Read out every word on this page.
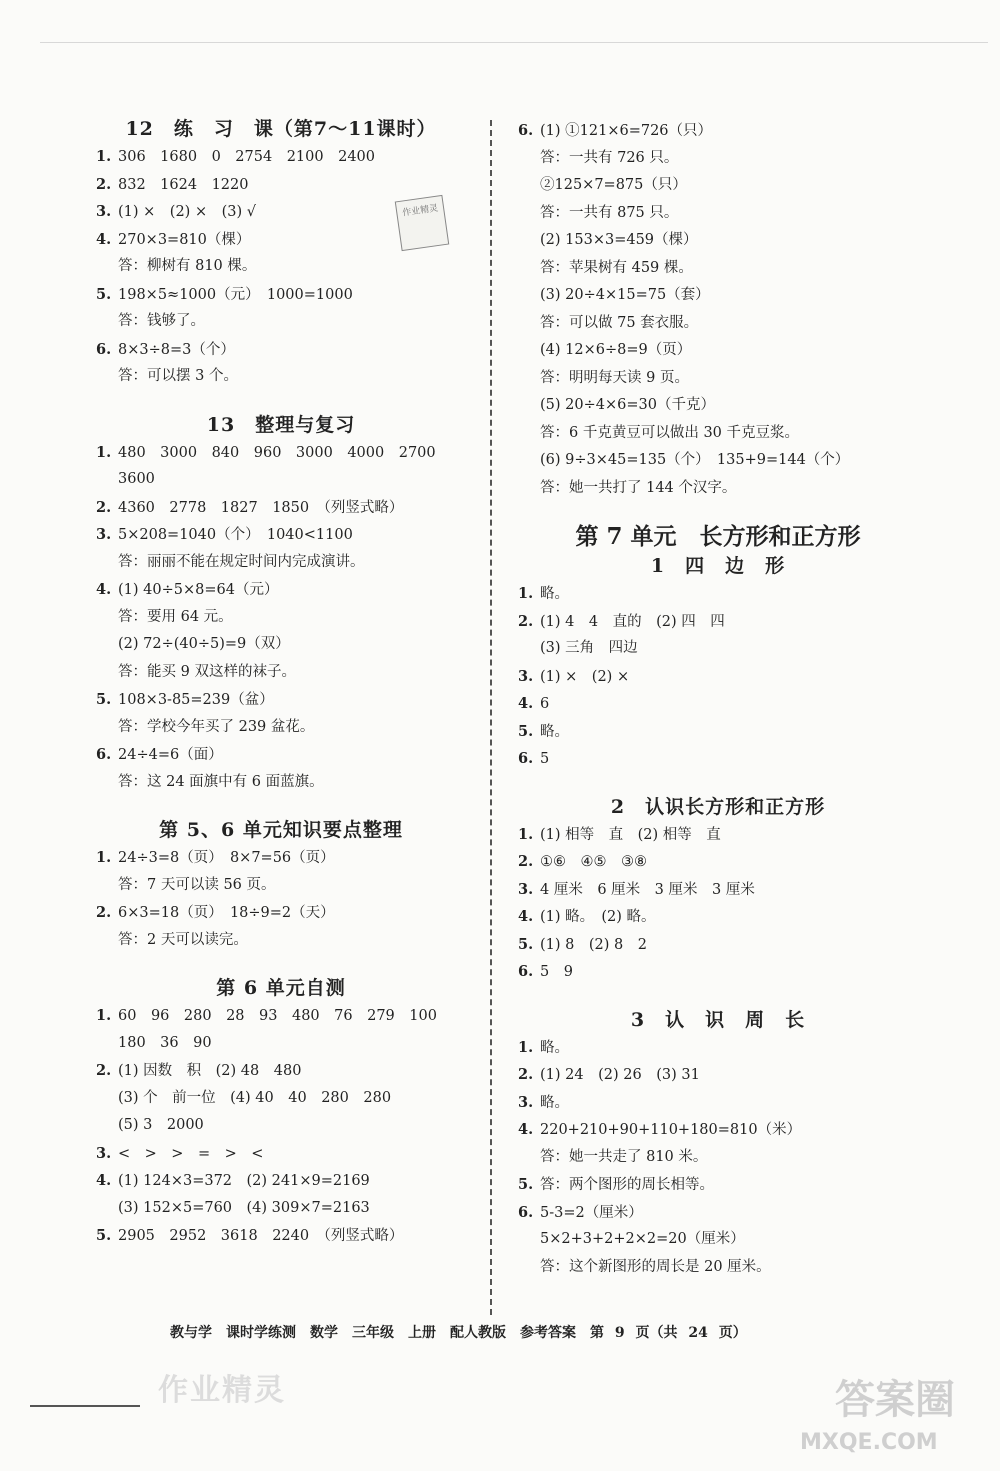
12　练　习　课（第7～11课时）
1. 306　1680　0　2754　2100　2400
2. 832　1624　1220
3. (1) ×　(2) ×　(3) √
4. 270×3=810（棵）
答：柳树有 810 棵。
5. 198×5≈1000（元）　1000=1000
答：钱够了。
6. 8×3÷8=3（个）
答：可以摆 3 个。
13　整理与复习
1. 480　3000　840　960　3000　4000　2700
3600
2. 4360　2778　1827　1850　（列竖式略）
3. 5×208=1040（个）　1040<1100
答：丽丽不能在规定时间内完成演讲。
4. (1) 40÷5×8=64（元）
答：要用 64 元。
(2) 72÷(40÷5)=9（双）
答：能买 9 双这样的袜子。
5. 108×3-85=239（盆）
答：学校今年买了 239 盆花。
6. 24÷4=6（面）
答：这 24 面旗中有 6 面蓝旗。
第 5、6 单元知识要点整理
1. 24÷3=8（页）　8×7=56（页）
答：7 天可以读 56 页。
2. 6×3=18（页）　18÷9=2（天）
答：2 天可以读完。
第 6 单元自测
1. 60　96　280　28　93　480　76　279　100
180　36　90
2. (1) 因数　积　(2) 48　480
(3) 个　前一位　(4) 40　40　280　280
(5) 3　2000
3. <　>　>　=　>　<
4. (1) 124×3=372　(2) 241×9=2169
(3) 152×5=760　(4) 309×7=2163
5. 2905　2952　3618　2240　（列竖式略）
6. (1) ①121×6=726（只）
答：一共有 726 只。
②125×7=875（只）
答：一共有 875 只。
(2) 153×3=459（棵）
答：苹果树有 459 棵。
(3) 20÷4×15=75（套）
答：可以做 75 套衣服。
(4) 12×6÷8=9（页）
答：明明每天读 9 页。
(5) 20÷4×6=30（千克）
答：6 千克黄豆可以做出 30 千克豆浆。
(6) 9÷3×45=135（个）　135+9=144（个）
答：她一共打了 144 个汉字。
第 7 单元　长方形和正方形
1　四　边　形
1. 略。
2. (1) 4　4　直的　(2) 四　四
(3) 三角　四边
3. (1) ×　(2) ×
4. 6
5. 略。
6. 5
2　认识长方形和正方形
1. (1) 相等　直　(2) 相等　直
2. ①⑥　④⑤　③⑧
3. 4 厘米　6 厘米　3 厘米　3 厘米
4. (1) 略。　(2) 略。
5. (1) 8　(2) 8　2
6. 5　9
3　认　识　周　长
1. 略。
2. (1) 24　(2) 26　(3) 31
3. 略。
4. 220+210+90+110+180=810（米）
答：她一共走了 810 米。
5. 答：两个图形的周长相等。
6. 5-3=2（厘米）
5×2+3+2+2×2=20（厘米）
答：这个新图形的周长是 20 厘米。
作业精灵
教与学　课时学练测　数学　三年级　上册　配人教版　参考答案　第 9 页（共 24 页）
作业精灵	答案圈
MXQE.COM
